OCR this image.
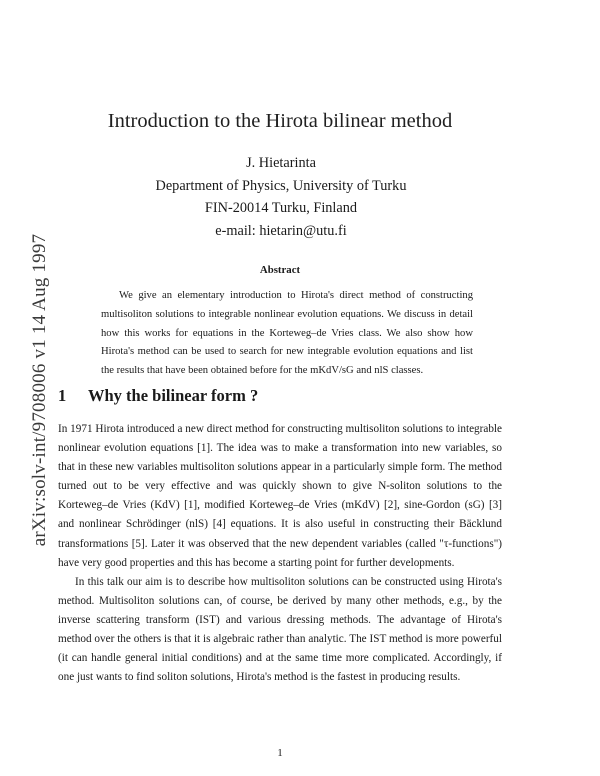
arXiv:solv-int/9708006 v1 14 Aug 1997
Introduction to the Hirota bilinear method
J. Hietarinta
Department of Physics, University of Turku
FIN-20014 Turku, Finland
e-mail: hietarin@utu.fi
Abstract
We give an elementary introduction to Hirota's direct method of constructing multisoliton solutions to integrable nonlinear evolution equations. We discuss in detail how this works for equations in the Korteweg–de Vries class. We also show how Hirota's method can be used to search for new integrable evolution equations and list the results that have been obtained before for the mKdV/sG and nlS classes.
1 Why the bilinear form ?

In 1971 Hirota introduced a new direct method for constructing multisoliton solutions to integrable nonlinear evolution equations [1]. The idea was to make a transformation into new variables, so that in these new variables multisoliton solutions appear in a particularly simple form. The method turned out to be very effective and was quickly shown to give N-soliton solutions to the Korteweg–de Vries (KdV) [1], modified Korteweg–de Vries (mKdV) [2], sine-Gordon (sG) [3] and nonlinear Schrödinger (nlS) [4] equations. It is also useful in constructing their Bäcklund transformations [5]. Later it was observed that the new dependent variables (called "τ-functions") have very good properties and this has become a starting point for further developments.

In this talk our aim is to describe how multisoliton solutions can be constructed using Hirota's method. Multisoliton solutions can, of course, be derived by many other methods, e.g., by the inverse scattering transform (IST) and various dressing methods. The advantage of Hirota's method over the others is that it is algebraic rather than analytic. The IST method is more powerful (it can handle general initial conditions) and at the same time more complicated. Accordingly, if one just wants to find soliton solutions, Hirota's method is the fastest in producing results.

1
